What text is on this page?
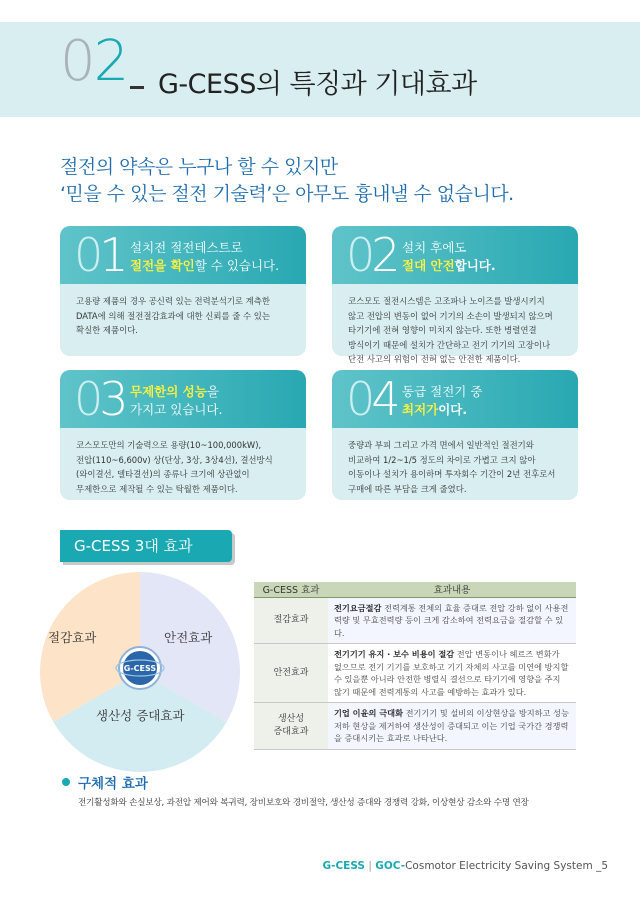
02 G-CESS의 특징과 기대효과
절전의 약속은 누구나 할 수 있지만
‘믿을 수 있는 절전 기술력’은 아무도 흉내낼 수 없습니다.
01 설치전 절전테스트로
절전을 확인할 수 있습니다.
고용량 제품의 경우 공신력 있는 전력분석기로 계측한
DATA에 의해 절전절감효과에 대한 신뢰를 줄 수 있는
확실한 제품이다.
02 설치 후에도
절대 안전합니다.
코스모도 절전시스템은 고조파나 노이즈를 발생시키지
않고 전압의 변동이 없어 기기의 소손이 발생되지 않으며
타기기에 전혀 영향이 미치지 않는다. 또한 병렬연결
방식이기 때문에 설치가 간단하고 전기 기기의 고장이나
단전 사고의 위험이 전혀 없는 안전한 제품이다.
03 무제한의 성능을
가지고 있습니다.
코스모도만의 기술력으로 용량(10~100,000kW),
전압(110~6,600v) 상(단상, 3상, 3상4선), 결선방식
(와이결선, 델타결선)의 종류나 크기에 상관없이
무제한으로 제작될 수 있는 탁월한 제품이다.
04 동급 절전기 중
최저가이다.
중량과 부피 그리고 가격 면에서 일반적인 절전기와
비교하여 1/2~1/5 정도의 차이로 가볍고 크지 않아
이동이나 설치가 용이하며 투자회수 기간이 2년 전후로서
구매에 따른 부담을 크게 줄였다.
G-CESS 3대 효과
G-CESS
절감효과	안전효과
생산성 증대효과
G-CESS 효과	효과내용
절감효과	전기요금절감 전력계통 전체의 효율 증대로 전압 강하 없이 사용전력량 및 무효전력량 등이 크게 감소하여 전력요금을 절감할 수 있다.
안전효과	전기기기 유지 · 보수 비용이 절감 전압 변동이나 헤르즈 변화가 없으므로 전기 기기를 보호하고 기기 자체의 사고를 미연에 방지할 수 있을뿐 아니라 안전한 병렬식 결선으로 타기기에 영향을 주지 않기 때문에 전력계통의 사고를 예방하는 효과가 있다.

생산성
증대효과	기업 이윤의 극대화 전기기기 및 설비의 이상현상을 방지하고 성능저하 현상을 제거하여 생산성이 증대되고 이는 기업 국가간 경쟁력을 증대시키는 효과로 나타난다.
구체적 효과
전기활성화와 손실보상, 과전압 제어와 복귀력, 장비보호와 경비절약, 생산성 증대와 경쟁력 강화, 이상현상 감소와 수명 연장
G-CESS | GOC-Cosmotor Electricity Saving System _5
